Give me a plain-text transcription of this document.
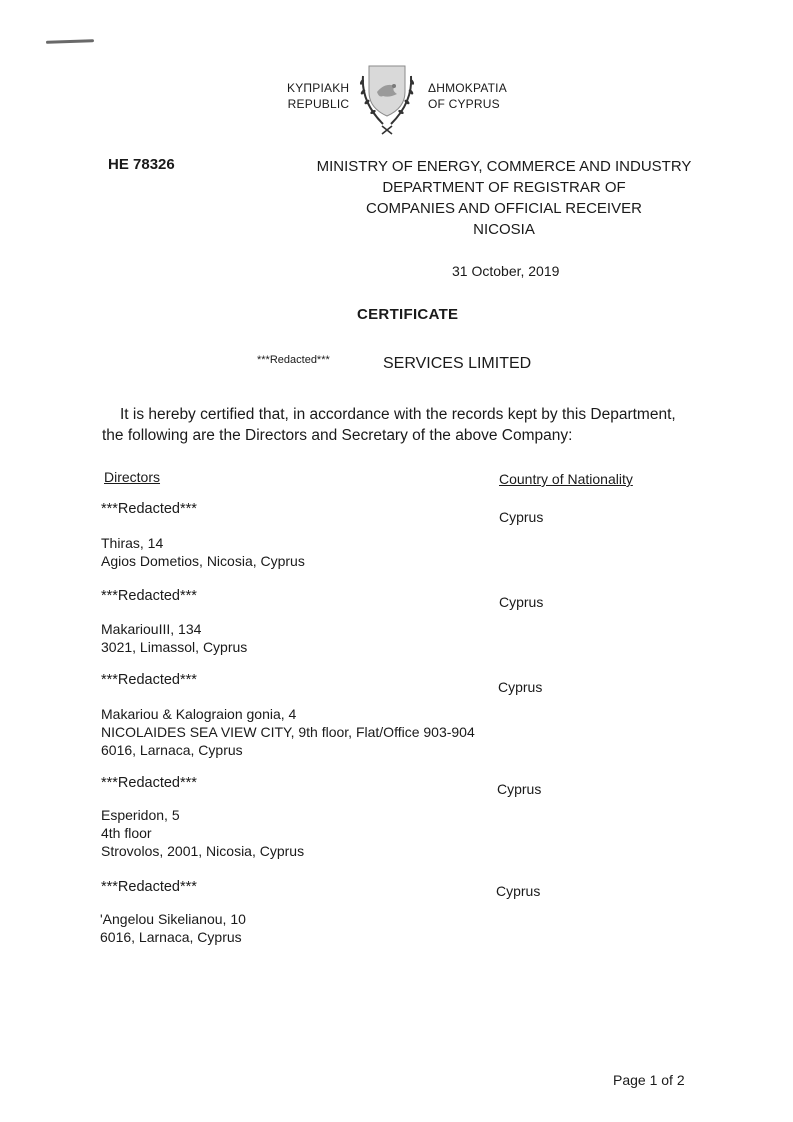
ΚΥΠΡΙΑΚΗ
REPUBLIC
ΔΗΜΟΚΡΑΤΙΑ
OF CYPRUS
HE 78326	MINISTRY OF ENERGY, COMMERCE AND INDUSTRY
DEPARTMENT OF REGISTRAR OF
COMPANIES AND OFFICIAL RECEIVER
NICOSIA
31 October, 2019
CERTIFICATE
***Redacted***	SERVICES LIMITED
It is hereby certified that, in accordance with the records kept by this Department,
the following are the Directors and Secretary of the above Company:
Directors	Country of Nationality
***Redacted***	Cyprus
Thiras, 14
Agios Dometios, Nicosia, Cyprus
***Redacted***	Cyprus
MakariouIII, 134
3021, Limassol, Cyprus
***Redacted***	Cyprus
Makariou & Kalograion gonia, 4
NICOLAIDES SEA VIEW CITY, 9th floor, Flat/Office 903-904
6016, Larnaca, Cyprus
***Redacted***	Cyprus
Esperidon, 5
4th floor
Strovolos, 2001, Nicosia, Cyprus
***Redacted***	Cyprus
'Angelou Sikelianou, 10
6016, Larnaca, Cyprus
Page 1 of 2
